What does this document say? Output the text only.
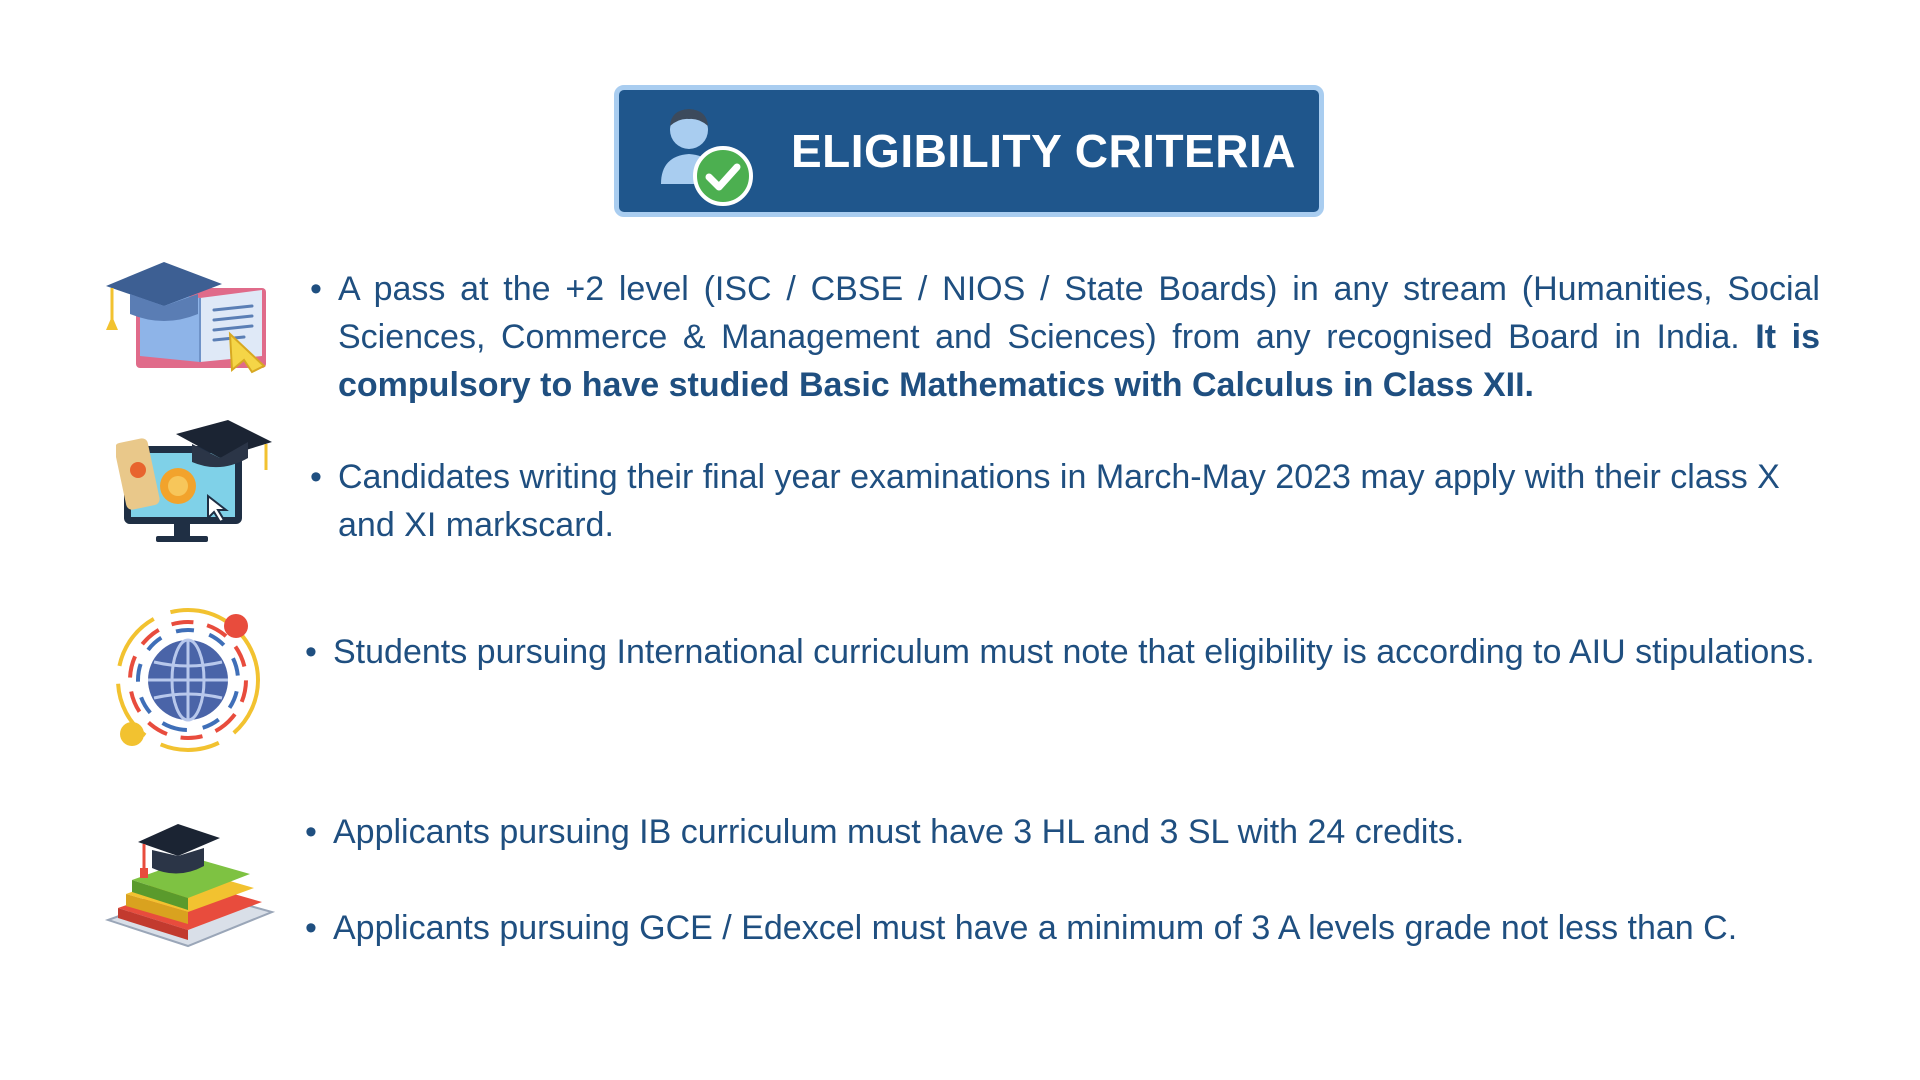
ELIGIBILITY CRITERIA
• A pass at the +2 level (ISC / CBSE / NIOS / State Boards) in any stream (Humanities, Social Sciences, Commerce & Management and Sciences) from any recognised Board in India. It is compulsory to have studied Basic Mathematics with Calculus in Class XII.
• Candidates writing their final year examinations in March-May 2023 may apply with their class X and XI markscard.
• Students pursuing International curriculum must note that eligibility is according to AIU stipulations.
• Applicants pursuing IB curriculum must have 3 HL and 3 SL with 24 credits.
• Applicants pursuing GCE / Edexcel must have a minimum of 3 A levels grade not less than C.
